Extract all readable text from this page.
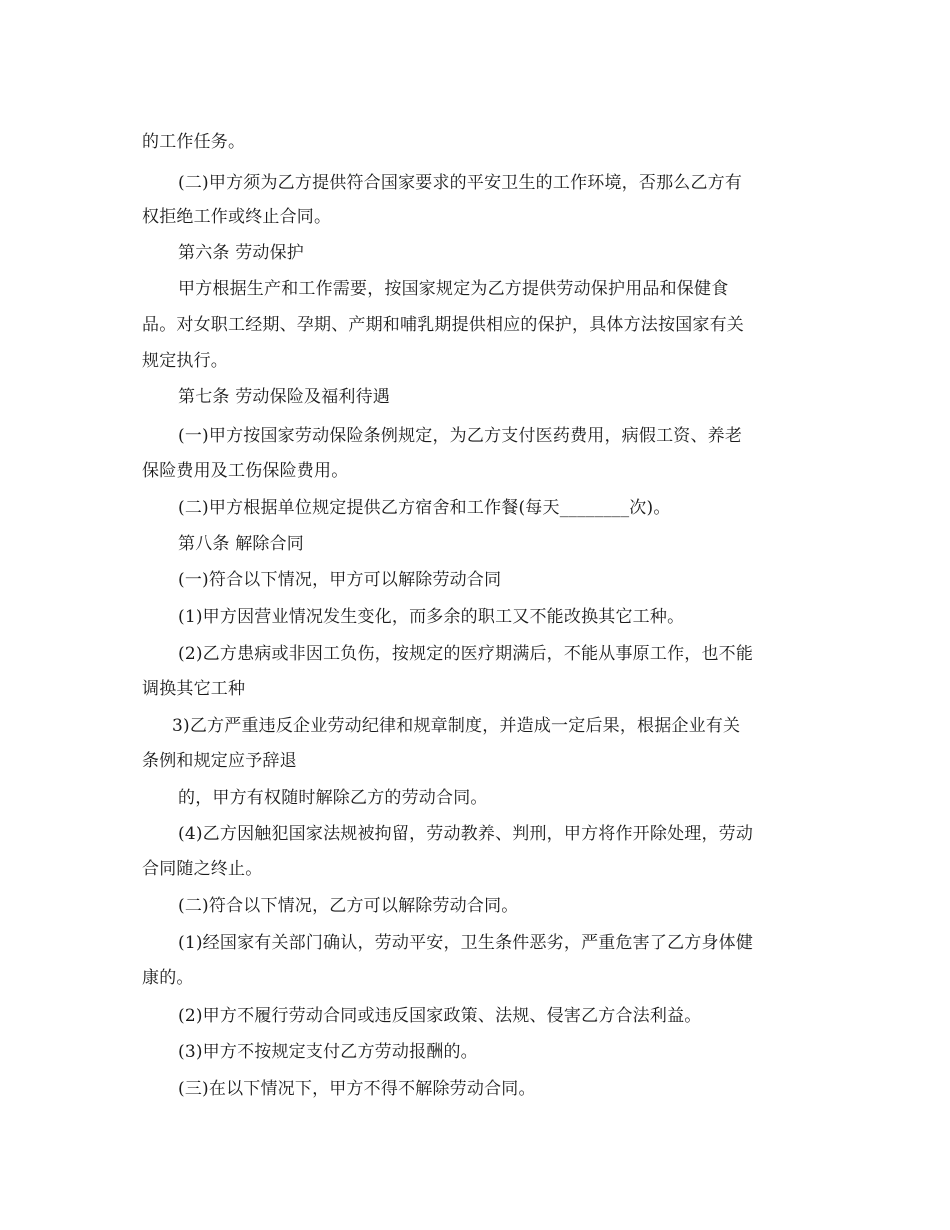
的工作任务。
(二)甲方须为乙方提供符合国家要求的平安卫生的工作环境，否那么乙方有
权拒绝工作或终止合同。
第六条 劳动保护
甲方根据生产和工作需要，按国家规定为乙方提供劳动保护用品和保健食
品。对女职工经期、孕期、产期和哺乳期提供相应的保护，具体方法按国家有关
规定执行。
第七条 劳动保险及福利待遇
(一)甲方按国家劳动保险条例规定，为乙方支付医药费用，病假工资、养老
保险费用及工伤保险费用。
(二)甲方根据单位规定提供乙方宿舍和工作餐(每天________次)。
第八条 解除合同
(一)符合以下情况，甲方可以解除劳动合同
(1)甲方因营业情况发生变化，而多余的职工又不能改换其它工种。
(2)乙方患病或非因工负伤，按规定的医疗期满后，不能从事原工作，也不能
调换其它工种
3)乙方严重违反企业劳动纪律和规章制度，并造成一定后果，根据企业有关
条例和规定应予辞退
的，甲方有权随时解除乙方的劳动合同。
(4)乙方因触犯国家法规被拘留，劳动教养、判刑，甲方将作开除处理，劳动
合同随之终止。
(二)符合以下情况，乙方可以解除劳动合同。
(1)经国家有关部门确认，劳动平安，卫生条件恶劣，严重危害了乙方身体健
康的。
(2)甲方不履行劳动合同或违反国家政策、法规、侵害乙方合法利益。
(3)甲方不按规定支付乙方劳动报酬的。
(三)在以下情况下，甲方不得不解除劳动合同。
